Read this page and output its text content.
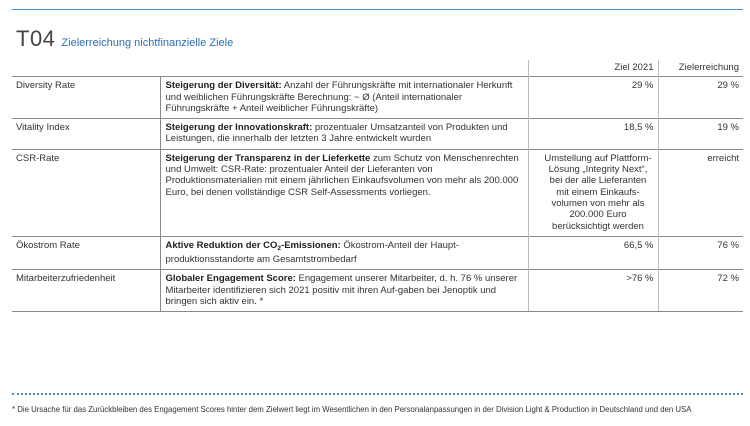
T04 Zielerreichung nichtfinanzielle Ziele
		Ziel 2021	Zielerreichung
Diversity Rate	Steigerung der Diversität: Anzahl der Führungskräfte mit internationaler Herkunft und weiblichen Führungskräfte Berechnung: ~ Ø (Anteil internationaler Führungskräfte + Anteil weiblicher Führungskräfte)	29 %	29 %
Vitality Index	Steigerung der Innovationskraft: prozentualer Umsatzanteil von Produkten und Leistungen, die innerhalb der letzten 3 Jahre entwickelt wurden	18,5 %	19 %
CSR-Rate	Steigerung der Transparenz in der Lieferkette zum Schutz von Menschenrechten und Umwelt: CSR-Rate: prozentualer Anteil der Lieferanten von Produktionsmaterialien mit einem jährlichen Einkaufsvolumen von mehr als 200.000 Euro, bei denen vollständige CSR Self-Assessments vorliegen.	Umstellung auf Plattform-Lösung „Integrity Next“, bei der alle Lieferanten mit einem Einkaufs-volumen von mehr als 200.000 Euro berücksichtigt werden	erreicht
Ökostrom Rate	Aktive Reduktion der $CO_2$-Emissionen: Ökostrom-Anteil der Haupt-produktionsstandorte am Gesamtstrombedarf	66,5 %	76 %
Mitarbeiterzufriedenheit	Globaler Engagement Score: Engagement unserer Mitarbeiter, d. h. 76 % unserer Mitarbeiter identifizieren sich 2021 positiv mit ihren Auf-gaben bei Jenoptik und bringen sich aktiv ein. *	>76 %	72 %
* Die Ursache für das Zurückbleiben des Engagement Scores hinter dem Zielwert liegt im Wesentlichen in den Personalanpassungen in der Division Light & Production in Deutschland und den USA
